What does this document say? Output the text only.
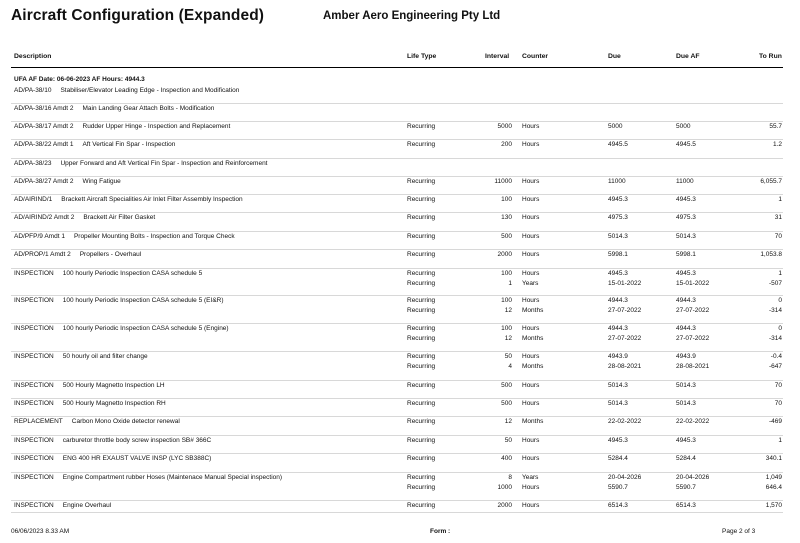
Aircraft Configuration (Expanded)	Amber Aero Engineering Pty Ltd
Description	Life Type	Interval Counter	Due	Due AF	To Run
UFA AF Date: 06-06-2023 AF Hours: 4944.3
AD/PA-38/10 Stabiliser/Elevator Leading Edge - Inspection and Modification
AD/PA-38/16 Amdt 2 Main Landing Gear Attach Bolts - Modification
AD/PA-38/17 Amdt 2 Rudder Upper Hinge - Inspection and Replacement	Recurring	5000 Hours	5000	5000	55.7
AD/PA-38/22 Amdt 1 Aft Vertical Fin Spar - Inspection	Recurring	200 Hours	4945.5	4945.5	1.2
AD/PA-38/23 Upper Forward and Aft Vertical Fin Spar - Inspection and Reinforcement
AD/PA-38/27 Amdt 2 Wing Fatigue	Recurring	11000 Hours	11000	11000	6,055.7
AD/AIRIND/1 Brackett Aircraft Specialities Air Inlet Filter Assembly Inspection	Recurring	100 Hours	4945.3	4945.3	1
AD/AIRIND/2 Amdt 2 Brackett Air Filter Gasket	Recurring	130 Hours	4975.3	4975.3	31
AD/PFP/9 Amdt 1 Propeller Mounting Bolts - Inspection and Torque Check	Recurring	500 Hours	5014.3	5014.3	70
AD/PROP/1 Amdt 2 Propellers - Overhaul	Recurring	2000 Hours	5998.1	5998.1	1,053.8
INSPECTION 100 hourly Periodic Inspection CASA schedule 5	Recurring	100 Hours	4945.3	4945.3	1
Recurring	1 Years	15-01-2022	15-01-2022	-507
INSPECTION 100 hourly Periodic Inspection CASA schedule 5 (EI&R)	Recurring	100 Hours	4944.3	4944.3	0
Recurring	12 Months	27-07-2022	27-07-2022	-314
INSPECTION 100 hourly Periodic Inspection CASA schedule 5 (Engine)	Recurring	100 Hours	4944.3	4944.3	0
Recurring	12 Months	27-07-2022	27-07-2022	-314
INSPECTION 50 hourly oil and filter change	Recurring	50 Hours	4943.9	4943.9	-0.4
Recurring	4 Months	28-08-2021	28-08-2021	-647
INSPECTION 500 Hourly Magnetto Inspection LH	Recurring	500 Hours	5014.3	5014.3	70
INSPECTION 500 Hourly Magnetto Inspection RH	Recurring	500 Hours	5014.3	5014.3	70
REPLACEMENT Carbon Mono Oxide detector renewal	Recurring	12 Months	22-02-2022	22-02-2022	-469
INSPECTION carburetor throttle body screw inspection SB# 366C	Recurring	50 Hours	4945.3	4945.3	1
INSPECTION ENG 400 HR EXAUST VALVE INSP (LYC SB388C)	Recurring	400 Hours	5284.4	5284.4	340.1
INSPECTION Engine Compartment rubber Hoses (Maintenace Manual Special inspection)	Recurring	8 Years	20-04-2026	20-04-2026	1,049
Recurring	1000 Hours	5590.7	5590.7	646.4
INSPECTION Engine Overhaul	Recurring	2000 Hours	6514.3	6514.3	1,570
06/06/2023 8.33 AM	Form :	Page 2 of 3
